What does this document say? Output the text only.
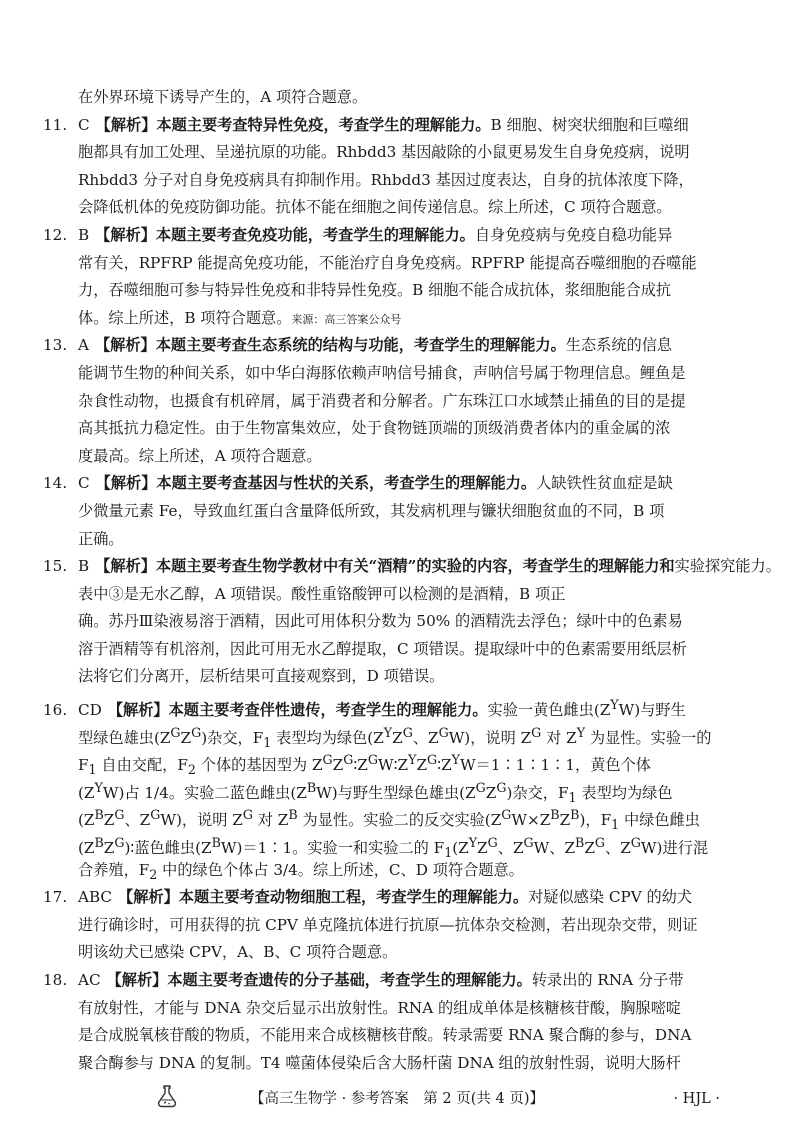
在外界环境下诱导产生的，A 项符合题意。
11. C 【解析】本题主要考查特异性免疫，考查学生的理解能力。B 细胞、树突状细胞和巨噬细
胞都具有加工处理、呈递抗原的功能。Rhbdd3 基因敲除的小鼠更易发生自身免疫病，说明
Rhbdd3 分子对自身免疫病具有抑制作用。Rhbdd3 基因过度表达，自身的抗体浓度下降，
会降低机体的免疫防御功能。抗体不能在细胞之间传递信息。综上所述，C 项符合题意。
12. B 【解析】本题主要考查免疫功能，考查学生的理解能力。自身免疫病与免疫自稳功能异
常有关，RPFRP 能提高免疫功能，不能治疗自身免疫病。RPFRP 能提高吞噬细胞的吞噬能
力，吞噬细胞可参与特异性免疫和非特异性免疫。B 细胞不能合成抗体，浆细胞能合成抗
体。综上所述，B 项符合题意。来源：高三答案公众号
13. A 【解析】本题主要考查生态系统的结构与功能，考查学生的理解能力。生态系统的信息
能调节生物的种间关系，如中华白海豚依赖声呐信号捕食，声呐信号属于物理信息。鲤鱼是
杂食性动物，也摄食有机碎屑，属于消费者和分解者。广东珠江口水域禁止捕鱼的目的是提
高其抵抗力稳定性。由于生物富集效应，处于食物链顶端的顶级消费者体内的重金属的浓
度最高。综上所述，A 项符合题意。
14. C 【解析】本题主要考查基因与性状的关系，考查学生的理解能力。人缺铁性贫血症是缺
少微量元素 Fe，导致血红蛋白含量降低所致，其发病机理与镰状细胞贫血的不同，B 项
正确。
15. B 【解析】本题主要考查生物学教材中有关“酒精”的实验的内容，考查学生的理解能力和实验探究能力。
表中③是无水乙醇，A 项错误。酸性重铬酸钾可以检测的是酒精，B 项正
确。苏丹Ⅲ染液易溶于酒精，因此可用体积分数为 50% 的酒精洗去浮色；绿叶中的色素易
溶于酒精等有机溶剂，因此可用无水乙醇提取，C 项错误。提取绿叶中的色素需要用纸层析
法将它们分离开，层析结果可直接观察到，D 项错误。
16. CD 【解析】本题主要考查伴性遗传，考查学生的理解能力。实验一黄色雌虫$(Z^YW)$与野生
型绿色雄虫$(Z^GZ^G)$杂交，$F_1$ 表型均为绿色($Z^YZ^G$、$Z^GW$)，说明 $Z^G$ 对 $Z^Y$ 为显性。实验一的
$F_1$ 自由交配，$F_2$ 个体的基因型为 $Z^GZ^G∶Z^GW∶Z^YZ^G∶Z^YW=1∶1∶1∶1$，黄色个体
$(Z^YW)$占 1/4。实验二蓝色雌虫$(Z^BW)$与野生型绿色雄虫$(Z^GZ^G)$杂交，$F_1$ 表型均为绿色
($Z^BZ^G$、$Z^GW$)，说明 $Z^G$ 对 $Z^B$ 为显性。实验二的反交实验$(Z^GW\times Z^BZ^B)$，$F_1$ 中绿色雌虫
$(Z^BZ^G)∶$蓝色雌虫$(Z^BW)=1∶1$。实验一和实验二的 $F_1(Z^YZ^G$、$Z^GW$、$Z^BZ^G$、$Z^GW$)进行混
合养殖，$F_2$ 中的绿色个体占 3/4。综上所述，C、D 项符合题意。
17. ABC 【解析】本题主要考查动物细胞工程，考查学生的理解能力。对疑似感染 CPV 的幼犬
进行确诊时，可用获得的抗 CPV 单克隆抗体进行抗原—抗体杂交检测，若出现杂交带，则证
明该幼犬已感染 CPV，A、B、C 项符合题意。
18. AC 【解析】本题主要考查遗传的分子基础，考查学生的理解能力。转录出的 RNA 分子带
有放射性，才能与 DNA 杂交后显示出放射性。RNA 的组成单体是核糖核苷酸，胸腺嘧啶
是合成脱氧核苷酸的物质，不能用来合成核糖核苷酸。转录需要 RNA 聚合酶的参与，DNA
聚合酶参与 DNA 的复制。T4 噬菌体侵染后含大肠杆菌 DNA 组的放射性弱，说明大肠杆
【高三生物学 · 参考答案　第 2 页(共 4 页)】	· HJL ·
